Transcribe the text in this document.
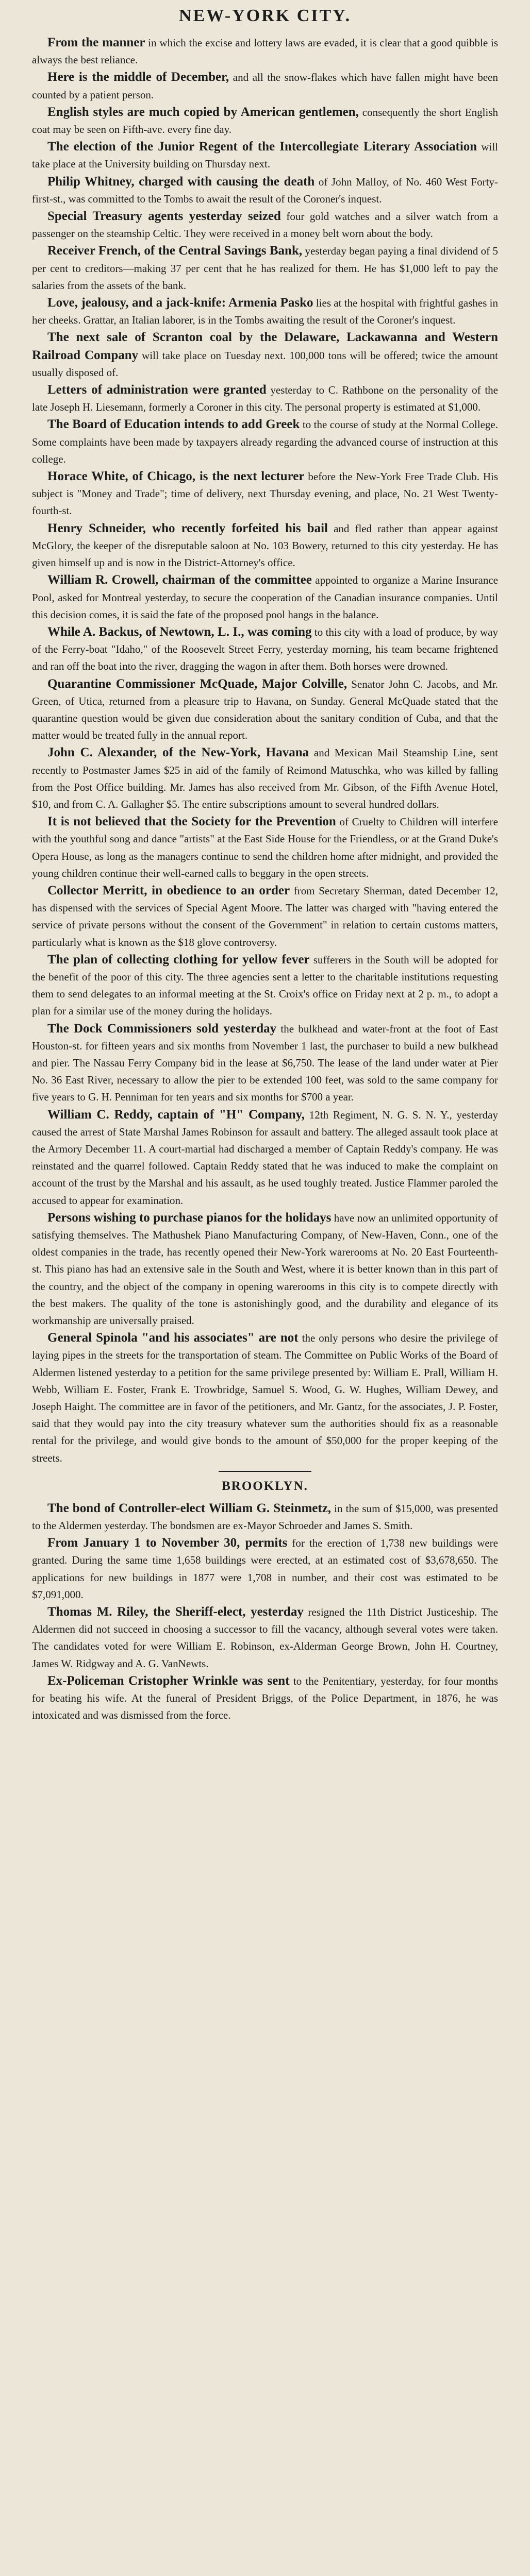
NEW-YORK CITY.

From the manner in which the excise and lottery laws are evaded, it is clear that a good quibble is always the best reliance.

Here is the middle of December, and all the snow-flakes which have fallen might have been counted by a patient person.

English styles are much copied by American gentlemen, consequently the short English coat may be seen on Fifth-ave. every fine day.

The election of the Junior Regent of the Intercollegiate Literary Association will take place at the University building on Thursday next.

Philip Whitney, charged with causing the death of John Malloy, of No. 460 West Forty-first-st., was committed to the Tombs to await the result of the Coroner's inquest.

Special Treasury agents yesterday seized four gold watches and a silver watch from a passenger on the steamship Celtic. They were received in a money belt worn about the body.

Receiver French, of the Central Savings Bank, yesterday began paying a final dividend of 5 per cent to creditors—making 37 per cent that he has realized for them. He has $1,000 left to pay the salaries from the assets of the bank.

Love, jealousy, and a jack-knife: Armenia Pasko lies at the hospital with frightful gashes in her cheeks. Grattar, an Italian laborer, is in the Tombs awaiting the result of the Coroner's inquest.

The next sale of Scranton coal by the Delaware, Lackawanna and Western Railroad Company will take place on Tuesday next. 100,000 tons will be offered; twice the amount usually disposed of.

Letters of administration were granted yesterday to C. Rathbone on the personality of the late Joseph H. Liesemann, formerly a Coroner in this city. The personal property is estimated at $1,000.

The Board of Education intends to add Greek to the course of study at the Normal College. Some complaints have been made by taxpayers already regarding the advanced course of instruction at this college.

Horace White, of Chicago, is the next lecturer before the New-York Free Trade Club. His subject is "Money and Trade"; time of delivery, next Thursday evening, and place, No. 21 West Twenty-fourth-st.

Henry Schneider, who recently forfeited his bail and fled rather than appear against McGlory, the keeper of the disreputable saloon at No. 103 Bowery, returned to this city yesterday. He has given himself up and is now in the District-Attorney's office.

William R. Crowell, chairman of the committee appointed to organize a Marine Insurance Pool, asked for Montreal yesterday, to secure the cooperation of the Canadian insurance companies. Until this decision comes, it is said the fate of the proposed pool hangs in the balance.

While A. Backus, of Newtown, L. I., was coming to this city with a load of produce, by way of the Ferry-boat "Idaho," of the Roosevelt Street Ferry, yesterday morning, his team became frightened and ran off the boat into the river, dragging the wagon in after them. Both horses were drowned.

Quarantine Commissioner McQuade, Major Colville, Senator John C. Jacobs, and Mr. Green, of Utica, returned from a pleasure trip to Havana, on Sunday. General McQuade stated that the quarantine question would be given due consideration about the sanitary condition of Cuba, and that the matter would be treated fully in the annual report.

John C. Alexander, of the New-York, Havana and Mexican Mail Steamship Line, sent recently to Postmaster James $25 in aid of the family of Reimond Matuschka, who was killed by falling from the Post Office building. Mr. James has also received from Mr. Gibson, of the Fifth Avenue Hotel, $10, and from C. A. Gallagher $5. The entire subscriptions amount to several hundred dollars.

It is not believed that the Society for the Prevention of Cruelty to Children will interfere with the youthful song and dance "artists" at the East Side House for the Friendless, or at the Grand Duke's Opera House, as long as the managers continue to send the children home after midnight, and provided the young children continue their well-earned calls to beggary in the open streets.

Collector Merritt, in obedience to an order from Secretary Sherman, dated December 12, has dispensed with the services of Special Agent Moore. The latter was charged with "having entered the service of private persons without the consent of the Government" in relation to certain customs matters, particularly what is known as the $18 glove controversy.

The plan of collecting clothing for yellow fever sufferers in the South will be adopted for the benefit of the poor of this city. The three agencies sent a letter to the charitable institutions requesting them to send delegates to an informal meeting at the St. Croix's office on Friday next at 2 p. m., to adopt a plan for a similar use of the money during the holidays.

The Dock Commissioners sold yesterday the bulkhead and water-front at the foot of East Houston-st. for fifteen years and six months from November 1 last, the purchaser to build a new bulkhead and pier. The Nassau Ferry Company bid in the lease at $6,750. The lease of the land under water at Pier No. 36 East River, necessary to allow the pier to be extended 100 feet, was sold to the same company for five years to G. H. Penniman for ten years and six months for $700 a year.

William C. Reddy, captain of "H" Company, 12th Regiment, N. G. S. N. Y., yesterday caused the arrest of State Marshal James Robinson for assault and battery. The alleged assault took place at the Armory December 11. A court-martial had discharged a member of Captain Reddy's company. He was reinstated and the quarrel followed. Captain Reddy stated that he was induced to make the complaint on account of the trust by the Marshal and his assault, as he used toughly treated. Justice Flammer paroled the accused to appear for examination.

Persons wishing to purchase pianos for the holidays have now an unlimited opportunity of satisfying themselves. The Mathushek Piano Manufacturing Company, of New-Haven, Conn., one of the oldest companies in the trade, has recently opened their New-York warerooms at No. 20 East Fourteenth-st. This piano has had an extensive sale in the South and West, where it is better known than in this part of the country, and the object of the company in opening warerooms in this city is to compete directly with the best makers. The quality of the tone is astonishingly good, and the durability and elegance of its workmanship are universally praised.

General Spinola "and his associates" are not the only persons who desire the privilege of laying pipes in the streets for the transportation of steam. The Committee on Public Works of the Board of Aldermen listened yesterday to a petition for the same privilege presented by: William E. Prall, William H. Webb, William E. Foster, Frank E. Trowbridge, Samuel S. Wood, G. W. Hughes, William Dewey, and Joseph Haight. The committee are in favor of the petitioners, and Mr. Gantz, for the associates, J. P. Foster, said that they would pay into the city treasury whatever sum the authorities should fix as a reasonable rental for the privilege, and would give bonds to the amount of $50,000 for the proper keeping of the streets.

BROOKLYN.

The bond of Controller-elect William G. Steinmetz, in the sum of $15,000, was presented to the Aldermen yesterday. The bondsmen are ex-Mayor Schroeder and James S. Smith.

From January 1 to November 30, permits for the erection of 1,738 new buildings were granted. During the same time 1,658 buildings were erected, at an estimated cost of $3,678,650. The applications for new buildings in 1877 were 1,708 in number, and their cost was estimated to be $7,091,000.

Thomas M. Riley, the Sheriff-elect, yesterday resigned the 11th District Justiceship. The Aldermen did not succeed in choosing a successor to fill the vacancy, although several votes were taken. The candidates voted for were William E. Robinson, ex-Alderman George Brown, John H. Courtney, James W. Ridgway and A. G. VanNewts.

Ex-Policeman Cristopher Wrinkle was sent to the Penitentiary, yesterday, for four months for beating his wife. At the funeral of President Briggs, of the Police Department, in 1876, he was intoxicated and was dismissed from the force.
